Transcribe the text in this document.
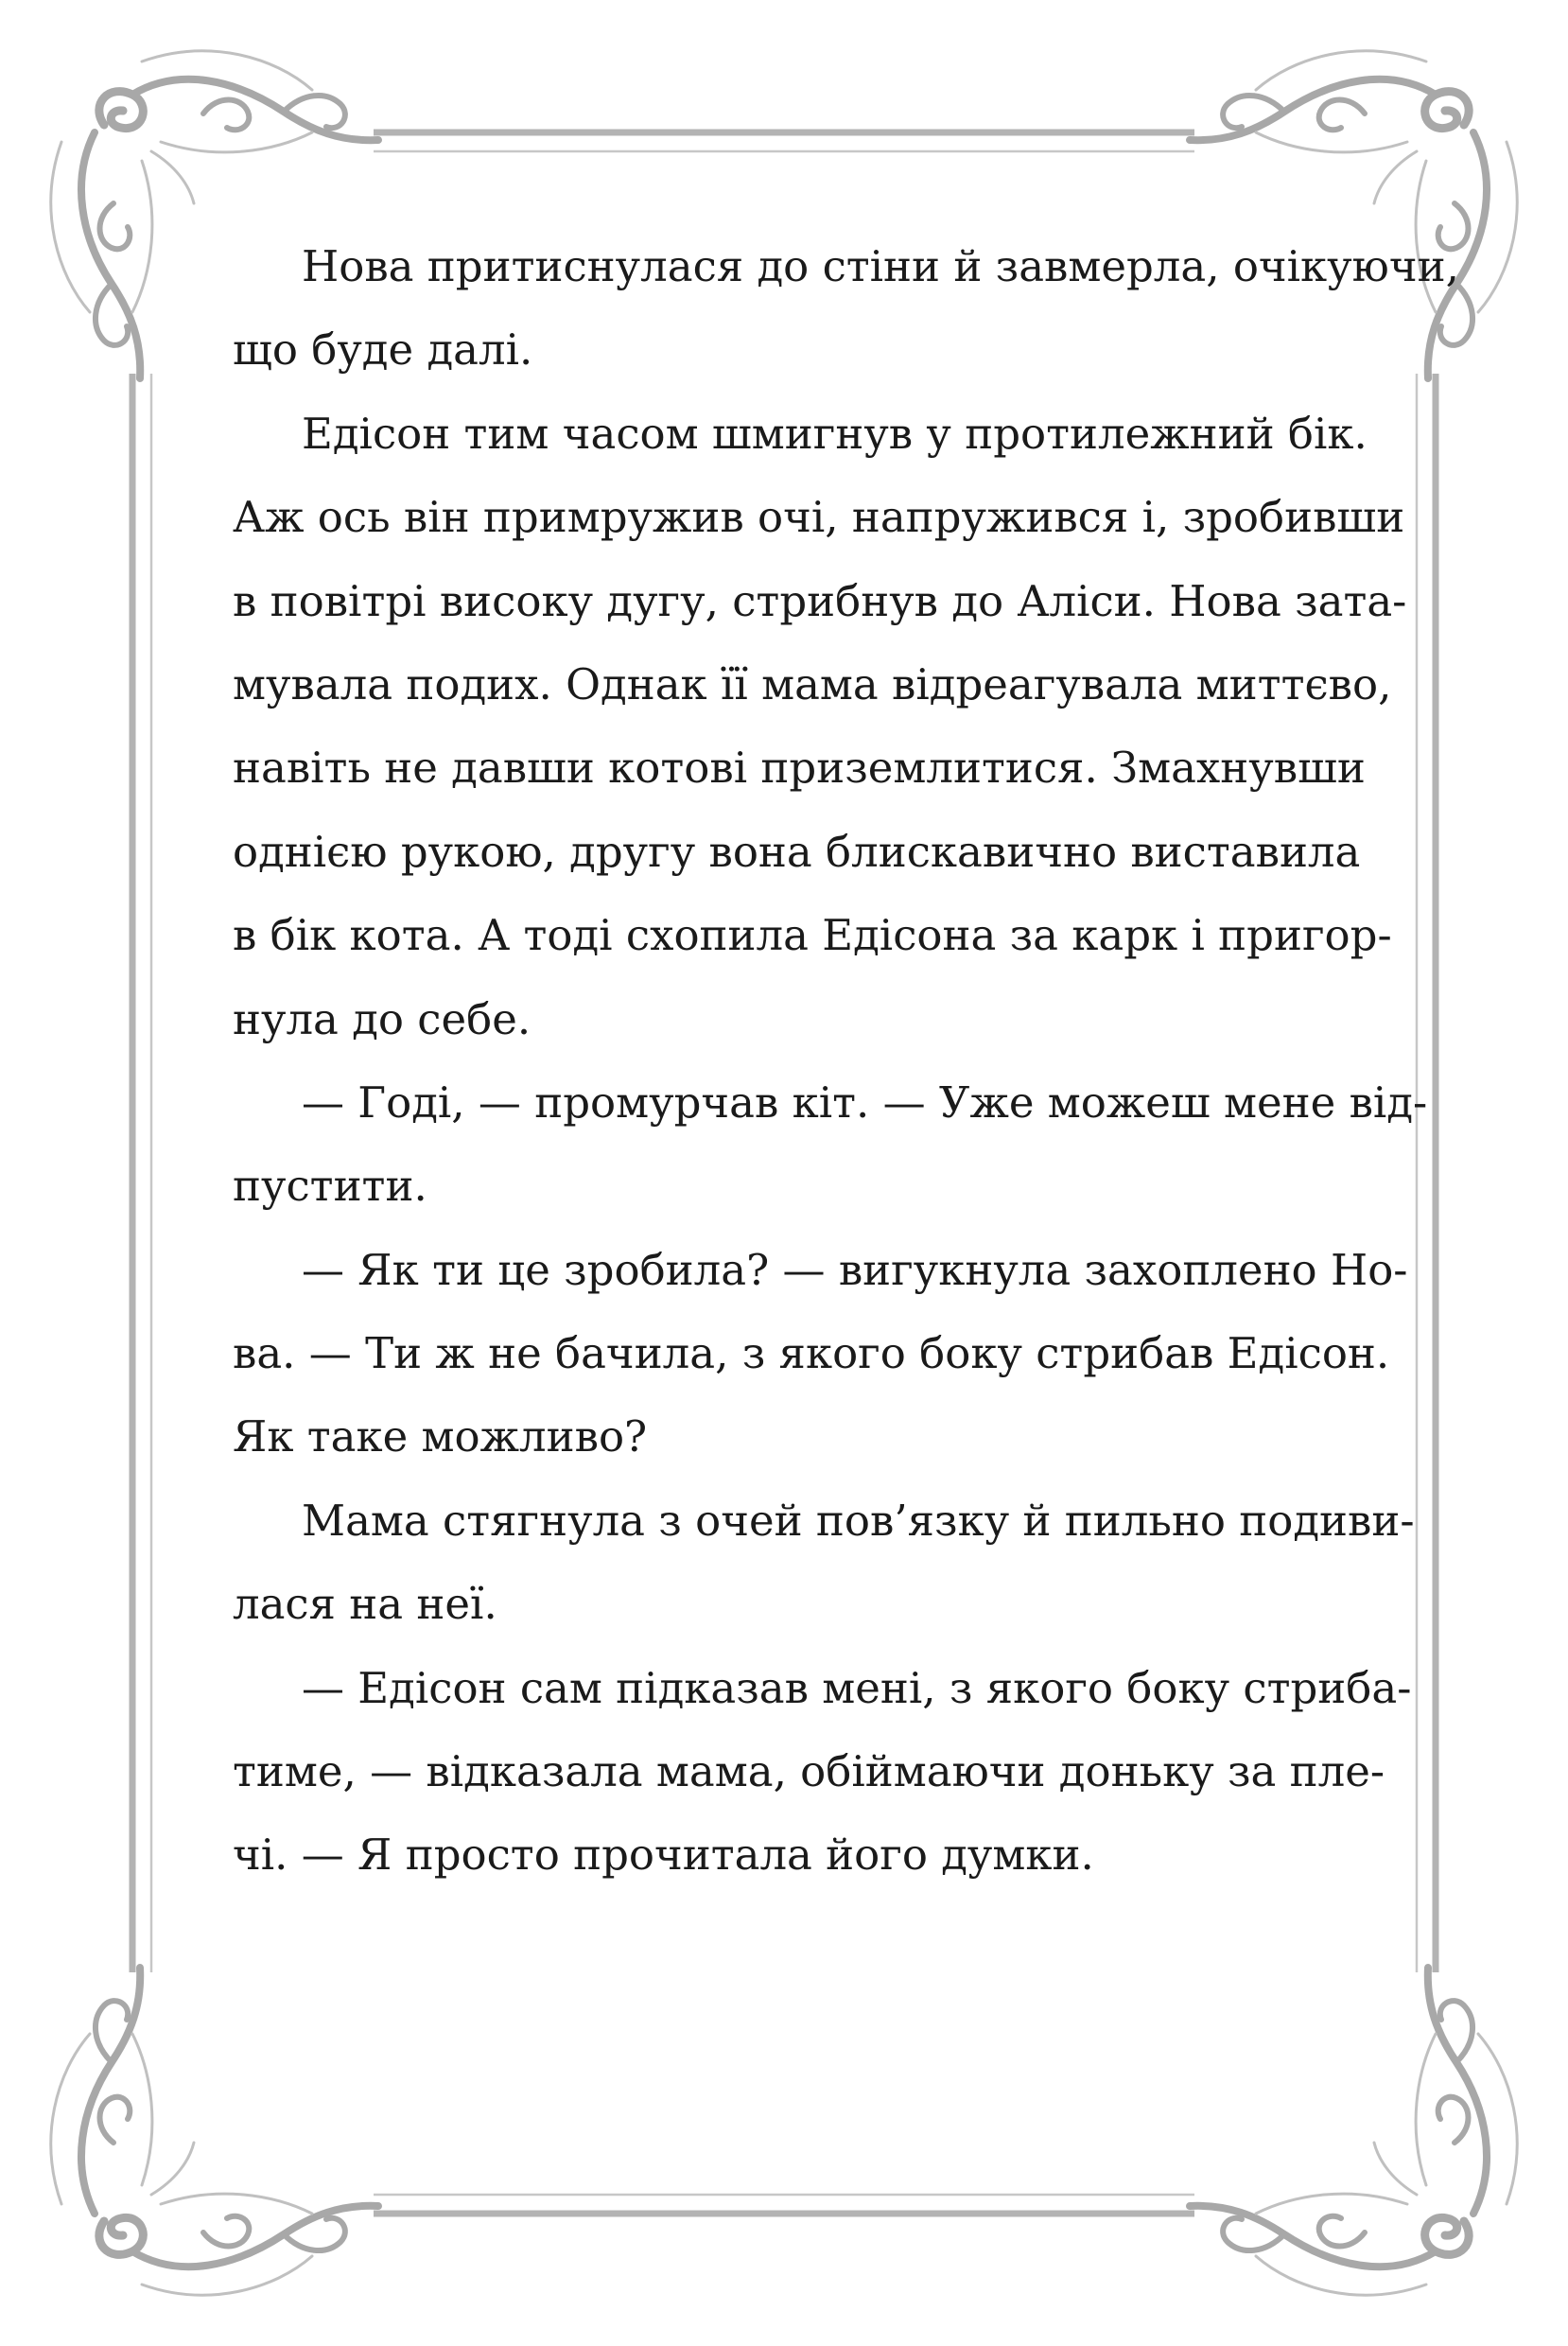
Нова притиснулася до стіни й завмерла, очікуючи,
що буде далі.
Едісон тим часом шмигнув у протилежний бік.
Аж ось він примружив очі, напружився і, зробивши
в повітрі високу дугу, стрибнув до Аліси. Нова зата-
мувала подих. Однак її мама відреагувала миттєво,
навіть не давши котові приземлитися. Змахнувши
однією рукою, другу вона блискавично виставила
в бік кота. А тоді схопила Едісона за карк і пригор-
нула до себе.
— Годі, — промурчав кіт. — Уже можеш мене від-
пустити.
— Як ти це зробила? — вигукнула захоплено Но-
ва. — Ти ж не бачила, з якого боку стрибав Едісон.
Як таке можливо?
Мама стягнула з очей пов’язку й пильно подиви-
лася на неї.
— Едісон сам підказав мені, з якого боку стриба-
тиме, — відказала мама, обіймаючи доньку за пле-
чі. — Я просто прочитала його думки.
